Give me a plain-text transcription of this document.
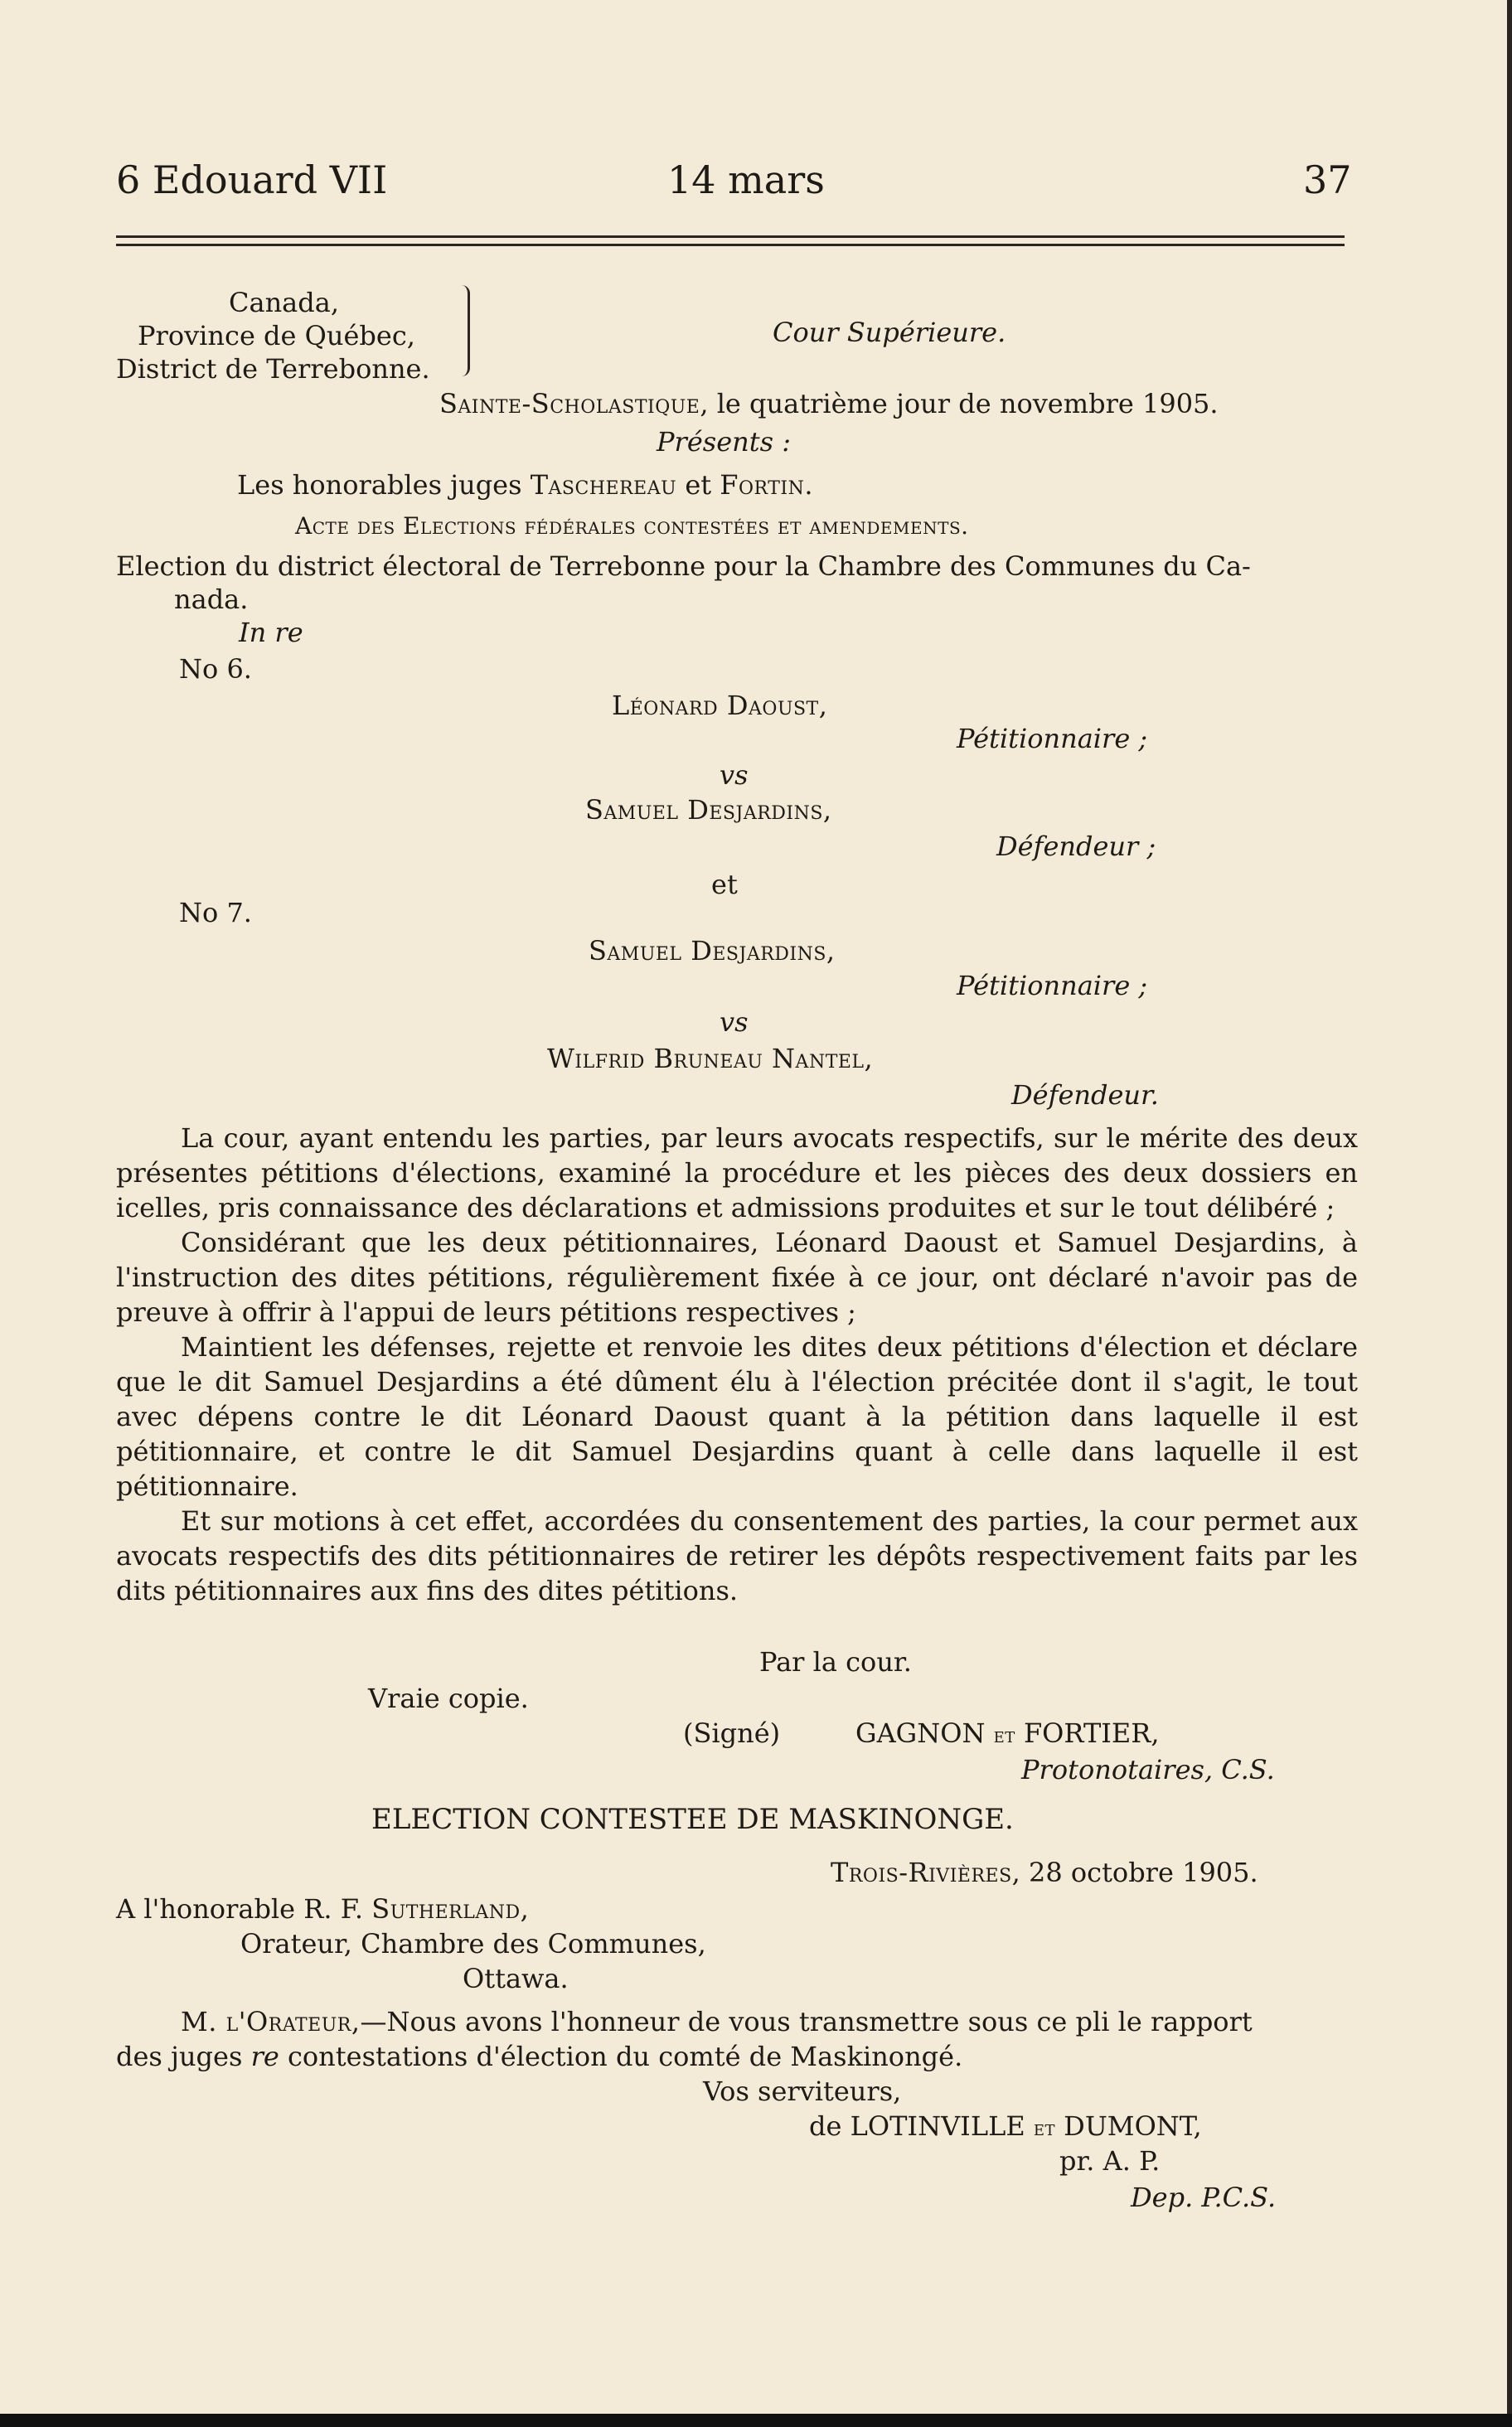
6 Edouard VII	14 mars	37
Canada,
Province de Québec,
District de Terrebonne.
Cour Supérieure.
Sainte-Scholastique, le quatrième jour de novembre 1905.
Présents :
Les honorables juges Taschereau et Fortin.
Acte des Elections fédérales contestées et amendements.
Election du district électoral de Terrebonne pour la Chambre des Communes du Ca-
nada.
In re
No 6.
Léonard Daoust,
Pétitionnaire ;
vs
Samuel Desjardins,
Défendeur ;
et
No 7.
Samuel Desjardins,
Pétitionnaire ;
vs
Wilfrid Bruneau Nantel,
Défendeur.

La cour, ayant entendu les parties, par leurs avocats respectifs, sur le mérite des deux présentes pétitions d'élections, examiné la procédure et les pièces des deux dossiers en icelles, pris connaissance des déclarations et admissions produites et sur le tout délibéré ;

Considérant que les deux pétitionnaires, Léonard Daoust et Samuel Desjardins, à l'instruction des dites pétitions, régulièrement fixée à ce jour, ont déclaré n'avoir pas de preuve à offrir à l'appui de leurs pétitions respectives ;

Maintient les défenses, rejette et renvoie les dites deux pétitions d'élection et déclare que le dit Samuel Desjardins a été dûment élu à l'élection précitée dont il s'agit, le tout avec dépens contre le dit Léonard Daoust quant à la pétition dans laquelle il est pétitionnaire, et contre le dit Samuel Desjardins quant à celle dans laquelle il est pétitionnaire.

Et sur motions à cet effet, accordées du consentement des parties, la cour permet aux avocats respectifs des dits pétitionnaires de retirer les dépôts respectivement faits par les dits pétitionnaires aux fins des dites pétitions.

Par la cour.
Vraie copie.
(Signé)	GAGNON et FORTIER,
Protonotaires, C.S.
ELECTION CONTESTEE DE MASKINONGE.
Trois-Rivières, 28 octobre 1905.
A l'honorable R. F. Sutherland,
Orateur, Chambre des Communes,
Ottawa.
M. l'Orateur,—Nous avons l'honneur de vous transmettre sous ce pli le rapport
des juges re contestations d'élection du comté de Maskinongé.
Vos serviteurs,
de LOTINVILLE et DUMONT,
pr. A. P.
Dep. P.C.S.
